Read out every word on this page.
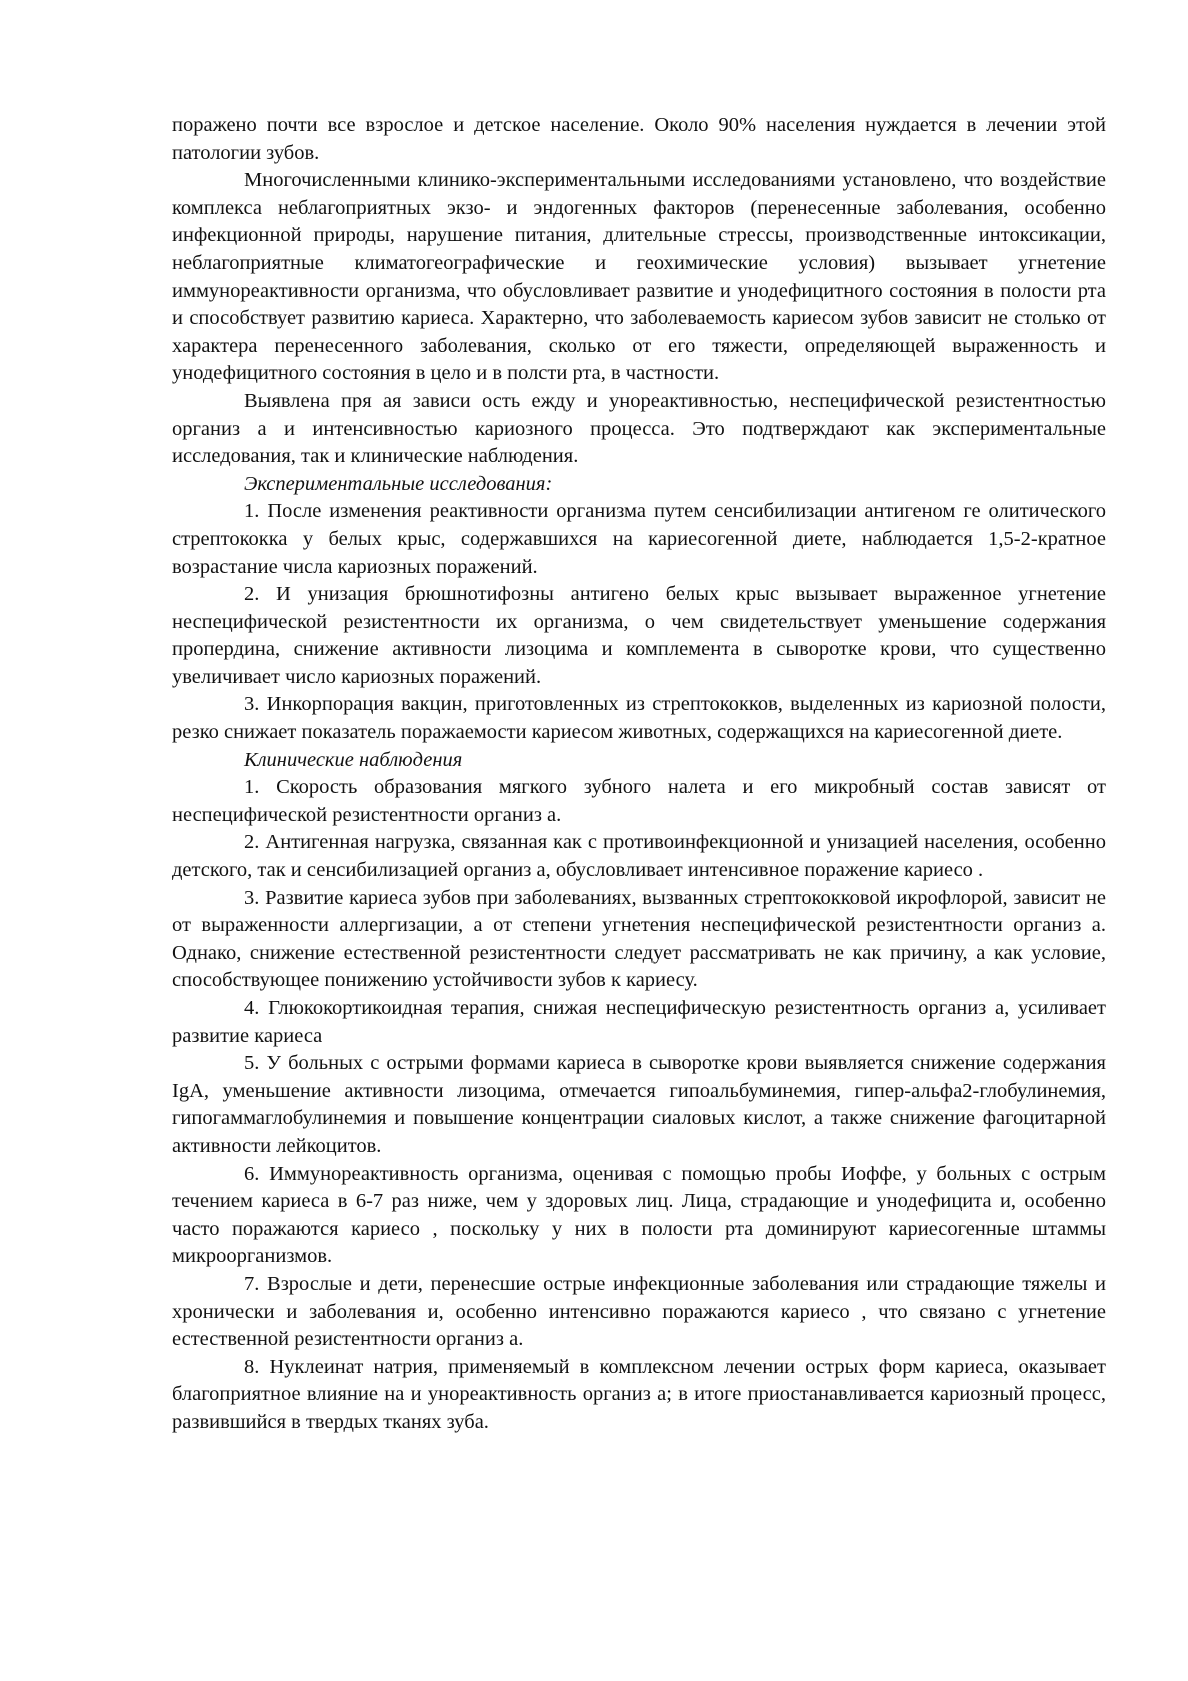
поражено почти все взрослое и детское население. Около 90% населения нуждается в лечении этой патологии зубов.

Многочисленными клинико-экспериментальными исследованиями установлено, что воздействие комплекса неблагоприятных экзо- и эндогенных факторов (перенесенные заболевания, особенно инфекционной природы, нарушение питания, длительные стрессы, производственные интоксикации, неблагоприятные климатогеографические и геохимические условия) вызывает угнетение иммунореактивности организма, что обусловливает развитие и унодефицитного состояния в полости рта и способствует развитию кариеса. Характерно, что заболеваемость кариесом зубов зависит не столько от характера перенесенного заболевания, сколько от его тяжести, определяющей выраженность и унодефицитного состояния в цело и в полсти рта, в частности.

Выявлена пря ая зависи ость ежду и унореактивностью, неспецифической резистентностью организ а и интенсивностью кариозного процесса. Это подтверждают как экспериментальные исследования, так и клинические наблюдения.

Экспериментальные исследования:

1. После изменения реактивности организма путем сенсибилизации антигеном ге олитического стрептококка у белых крыс, содержавшихся на кариесогенной диете, наблюдается 1,5-2-кратное возрастание числа кариозных поражений.

2. И унизация брюшнотифозны антигено белых крыс вызывает выраженное угнетение неспецифической резистентности их организма, о чем свидетельствует уменьшение содержания пропердина, снижение активности лизоцима и комплемента в сыворотке крови, что существенно увеличивает число кариозных поражений.

3. Инкорпорация вакцин, приготовленных из стрептококков, выделенных из кариозной полости, резко снижает показатель поражаемости кариесом животных, содержащихся на кариесогенной диете.

Клинические наблюдения

1. Скорость образования мягкого зубного налета и его микробный состав зависят от неспецифической резистентности организ а.

2. Антигенная нагрузка, связанная как с противоинфекционной и унизацией населения, особенно детского, так и сенсибилизацией организ а, обусловливает интенсивное поражение кариесо .

3. Развитие кариеса зубов при заболеваниях, вызванных стрептококковой икрофлорой, зависит не от выраженности аллергизации, а от степени угнетения неспецифической резистентности организ а. Однако, снижение естественной резистентности следует рассматривать не как причину, а как условие, способствующее понижению устойчивости зубов к кариесу.

4. Глюкокортикоидная терапия, снижая неспецифическую резистентность организ а, усиливает развитие кариеса

5. У больных с острыми формами кариеса в сыворотке крови выявляется снижение содержания IgA, уменьшение активности лизоцима, отмечается гипоальбуминемия, гипер-альфа2-глобулинемия, гипогаммаглобулинемия и повышение концентрации сиаловых кислот, а также снижение фагоцитарной активности лейкоцитов.

6. Иммунореактивность организма, оценивая с помощью пробы Иоффе, у больных с острым течением кариеса в 6-7 раз ниже, чем у здоровых лиц. Лица, страдающие и унодефицита и, особенно часто поражаются кариесо , поскольку у них в полости рта доминируют кариесогенные штаммы микроорганизмов.

7. Взрослые и дети, перенесшие острые инфекционные заболевания или страдающие тяжелы и хронически и заболевания и, особенно интенсивно поражаются кариесо , что связано с угнетение естественной резистентности организ а.

8. Нуклеинат натрия, применяемый в комплексном лечении острых форм кариеса, оказывает благоприятное влияние на и унореактивность организ а; в итоге приостанавливается кариозный процесс, развившийся в твердых тканях зуба.
